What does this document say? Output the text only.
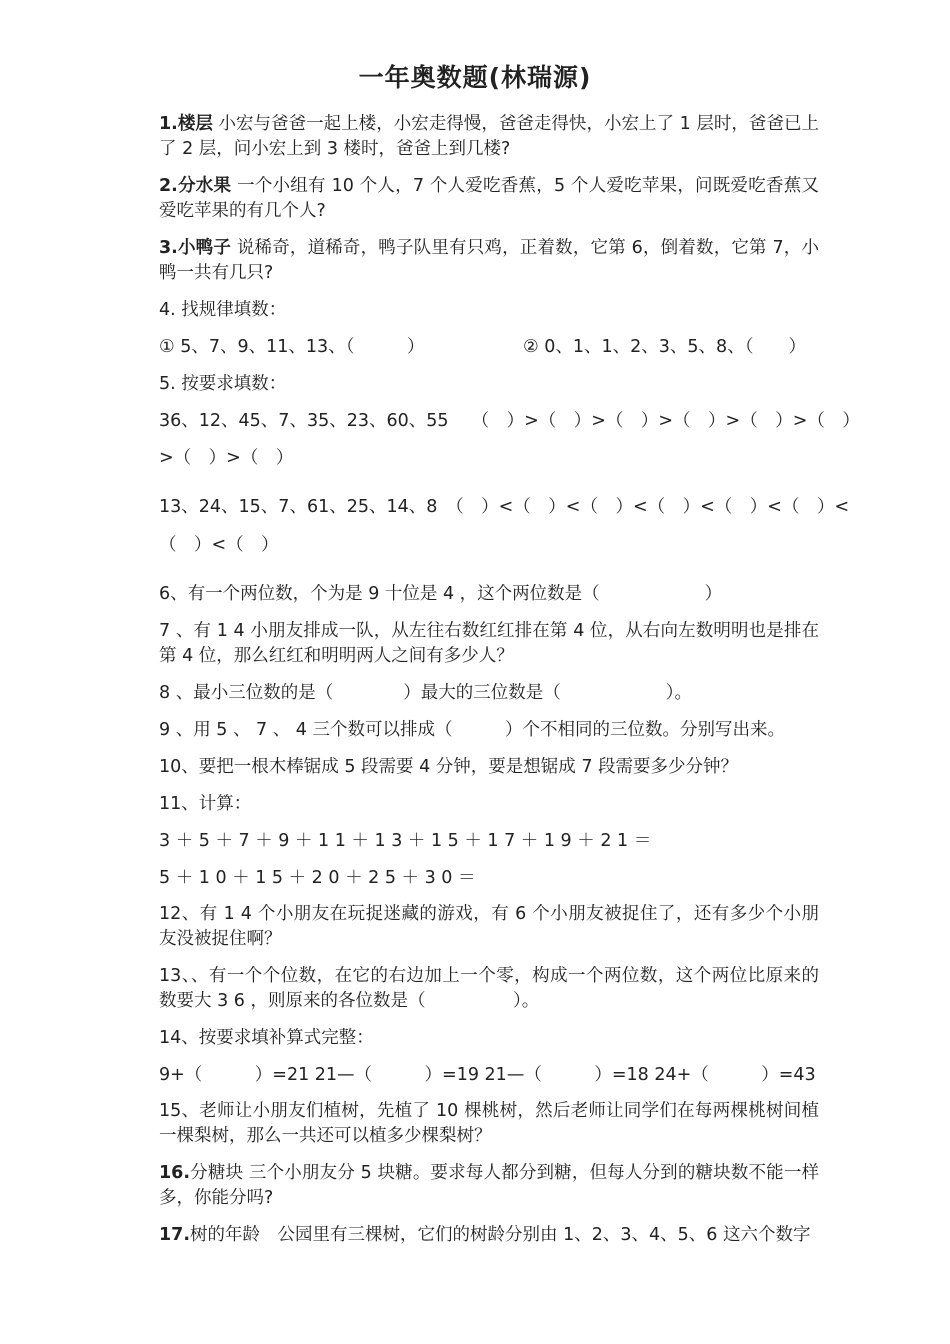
一年奥数题(林瑞源)
1.楼层 小宏与爸爸一起上楼，小宏走得慢，爸爸走得快，小宏上了 1 层时，爸爸已上了 2 层，问小宏上到 3 楼时，爸爸上到几楼?
2.分水果 一个小组有 10 个人，7 个人爱吃香蕉，5 个人爱吃苹果，问既爱吃香蕉又爱吃苹果的有几个人?
3.小鸭子 说稀奇，道稀奇，鸭子队里有只鸡，正着数，它第 6，倒着数，它第 7，小鸭一共有几只?
4. 找规律填数：
① 5、7、9、11、13、（　　　）	② 0、1、1、2、3、5、8、（　　）
5. 按要求填数：
36、12、45、7、35、23、60、55　 （　）>（　）>（　）>（　）>（　）>（　）
>（　）>（　）
13、24、15、7、61、25、14、8　（　）<（　）<（　）<（　）<（　）<（　）<
（　）<（　）
6、有一个两位数，个为是 9 十位是 4 ，这个两位数是（　　　　　　）
7 、有 1 4 小朋友排成一队，从左往右数红红排在第 4 位，从右向左数明明也是排在第 4 位，那么红红和明明两人之间有多少人？
8 、最小三位数的是（　　　　）最大的三位数是（　　　　　　）。
9 、用 5 、 7 、 4 三个数可以排成（　　　）个不相同的三位数。分别写出来。
10、要把一根木棒锯成 5 段需要 4 分钟，要是想锯成 7 段需要多少分钟？
11、计算：
3 ＋ 5 ＋ 7 ＋ 9 ＋ 1 1 ＋ 1 3 ＋ 1 5 ＋ 1 7 ＋ 1 9 ＋ 2 1 ＝
5 ＋ 1 0 ＋ 1 5 ＋ 2 0 ＋ 2 5 ＋ 3 0 ＝
12、有 1 4 个小朋友在玩捉迷藏的游戏，有 6 个小朋友被捉住了，还有多少个小朋友没被捉住啊？
13、、有一个个位数，在它的右边加上一个零，构成一个两位数，这个两位比原来的数要大 3 6 ，则原来的各位数是（　　　　　）。
14、按要求填补算式完整：
9+（　　　）=21 21—（　　　）=19 21—（　　　）=18 24+（　　　）=43
15、老师让小朋友们植树，先植了 10 棵桃树，然后老师让同学们在每两棵桃树间植一棵梨树，那么一共还可以植多少棵梨树？
16.分糖块 三个小朋友分 5 块糖。要求每人都分到糖，但每人分到的糖块数不能一样多，你能分吗?
17.树的年龄　公园里有三棵树，它们的树龄分别由 1、2、3、4、5、6 这六个数字
